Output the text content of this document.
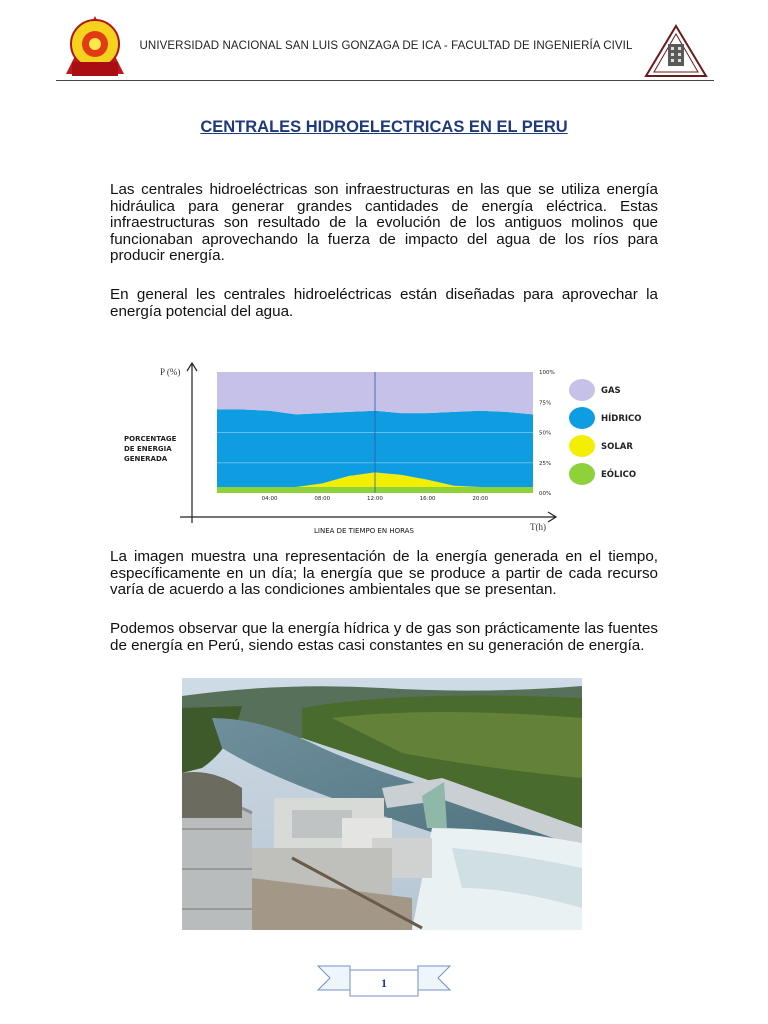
UNIVERSIDAD NACIONAL SAN LUIS GONZAGA DE ICA - FACULTAD DE INGENIERÍA CIVIL
CENTRALES HIDROELECTRICAS EN EL PERU
Las centrales hidroeléctricas son infraestructuras en las que se utiliza energía hidráulica para generar grandes cantidades de energía eléctrica. Estas infraestructuras son resultado de la evolución de los antiguos molinos que funcionaban aprovechando la fuerza de impacto del agua de los ríos para producir energía.
En general les centrales hidroeléctricas están diseñadas para aprovechar la energía potencial del agua.
P (%)
T(h)
LINEA DE TIEMPO EN HORAS
04:00	08:00	12:00	16:00	20:00
100%
75%
50%
25%
00%
GAS
HÍDRICO
SOLAR
EÓLICO
PORCENTAGE
DE ENERGIA
GENERADA
La imagen muestra una representación de la energía generada en el tiempo, específicamente en un día; la energía que se produce a partir de cada recurso varía de acuerdo a las condiciones ambientales que se presentan.
Podemos observar que la energía hídrica y de gas son prácticamente las fuentes de energía en Perú, siendo estas casi constantes en su generación de energía.
1
